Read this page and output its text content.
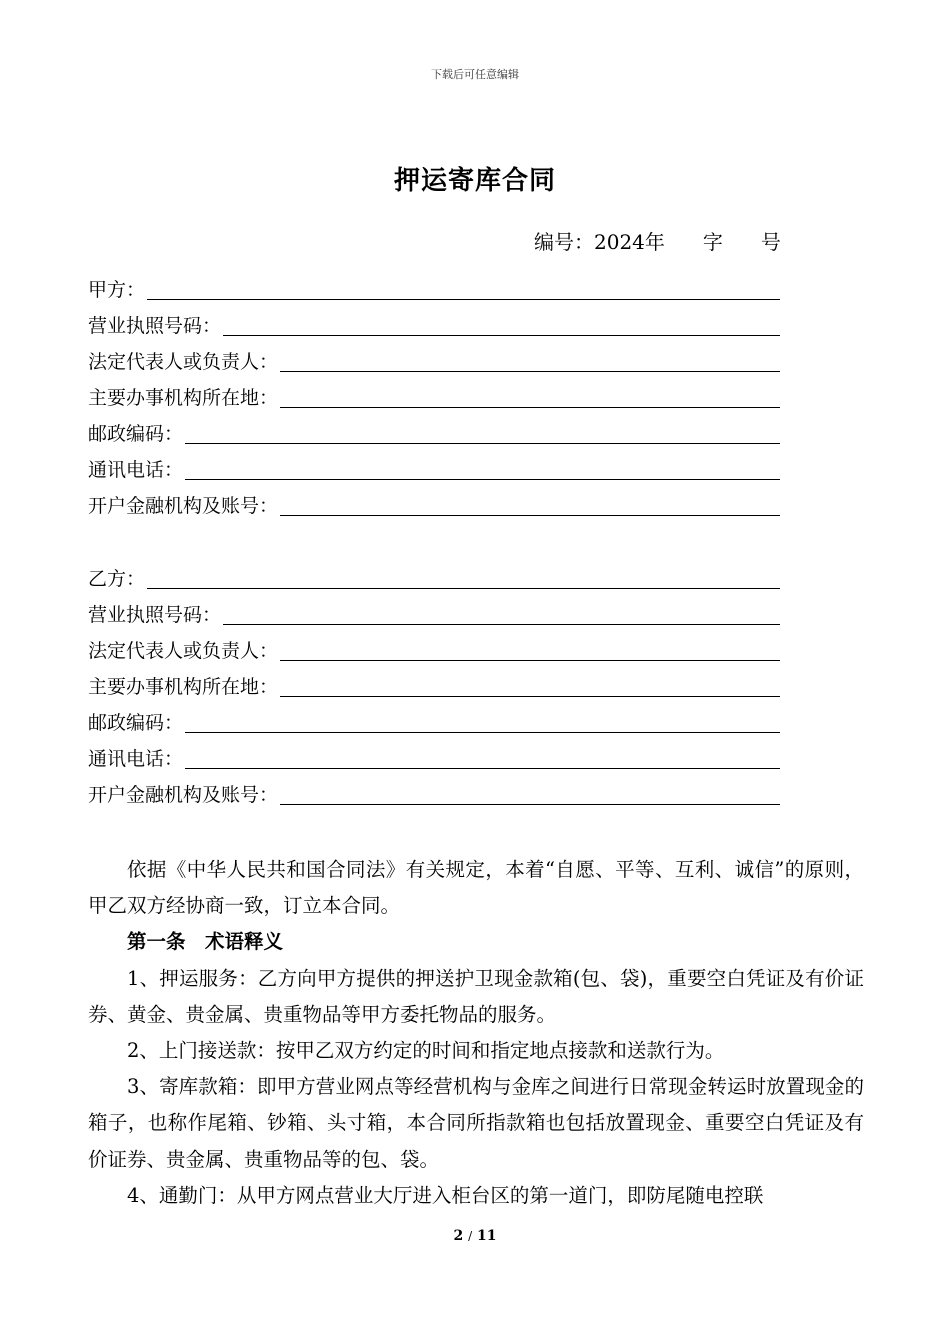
下载后可任意编辑
押运寄库合同
编号：2024年 字 号
甲方：
营业执照号码：
法定代表人或负责人：
主要办事机构所在地：
邮政编码：
通讯电话：
开户金融机构及账号：
乙方：
营业执照号码：
法定代表人或负责人：
主要办事机构所在地：
邮政编码：
通讯电话：
开户金融机构及账号：

依据《中华人民共和国合同法》有关规定，本着“自愿、平等、互利、诚信”的原则，甲乙双方经协商一致，订立本合同。

第一条　术语释义

1、押运服务：乙方向甲方提供的押送护卫现金款箱(包、袋)，重要空白凭证及有价证券、黄金、贵金属、贵重物品等甲方委托物品的服务。

2、上门接送款：按甲乙双方约定的时间和指定地点接款和送款行为。

3、寄库款箱：即甲方营业网点等经营机构与金库之间进行日常现金转运时放置现金的箱子，也称作尾箱、钞箱、头寸箱，本合同所指款箱也包括放置现金、重要空白凭证及有价证券、贵金属、贵重物品等的包、袋。

4、通勤门：从甲方网点营业大厅进入柜台区的第一道门，即防尾随电控联

2 / 11
